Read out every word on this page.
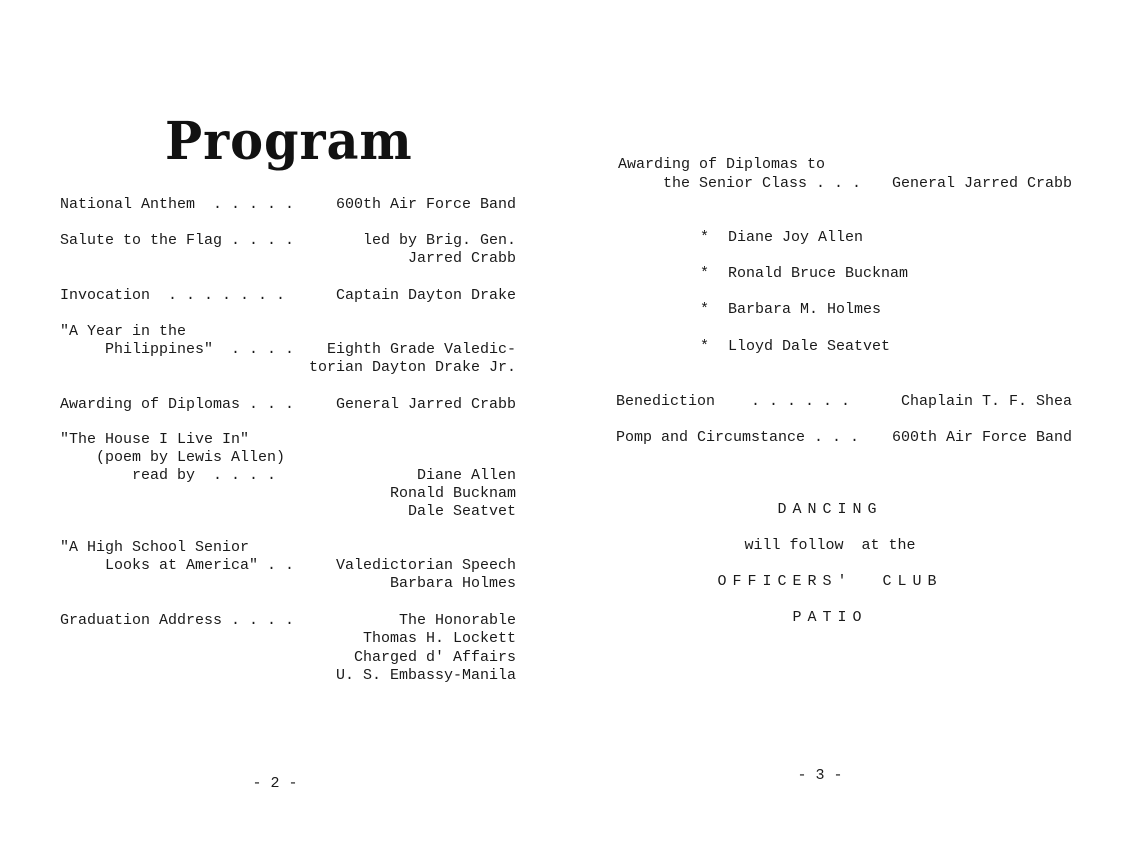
Program
National Anthem  . . . . .	600th Air Force Band
Salute to the Flag . . . .	led by Brig. Gen.
Jarred Crabb
Invocation  . . . . . . .	Captain Dayton Drake
"A Year in the
Philippines"  . . . . Eighth Grade Valedic-
torian Dayton Drake Jr.
Awarding of Diplomas . . .	General Jarred Crabb
"The House I Live In"
(poem by Lewis Allen)
read by  . . . .	Diane Allen
Ronald Bucknam
Dale Seatvet
"A High School Senior
Looks at America" . .	Valedictorian Speech
Barbara Holmes
Graduation Address . . . .	The Honorable
Thomas H. Lockett
Charged d' Affairs
U. S. Embassy-Manila
- 2 -
Awarding of Diplomas to
the Senior Class . . . General Jarred Crabb
* Diane Joy Allen
* Ronald Bruce Bucknam
* Barbara M. Holmes
* Lloyd Dale Seatvet
Benediction    . . . . . .	Chaplain T. F. Shea
Pomp and Circumstance . . . 600th Air Force Band
DANCING
will follow  at the
OFFICERS'  CLUB
PATIO
- 3 -
